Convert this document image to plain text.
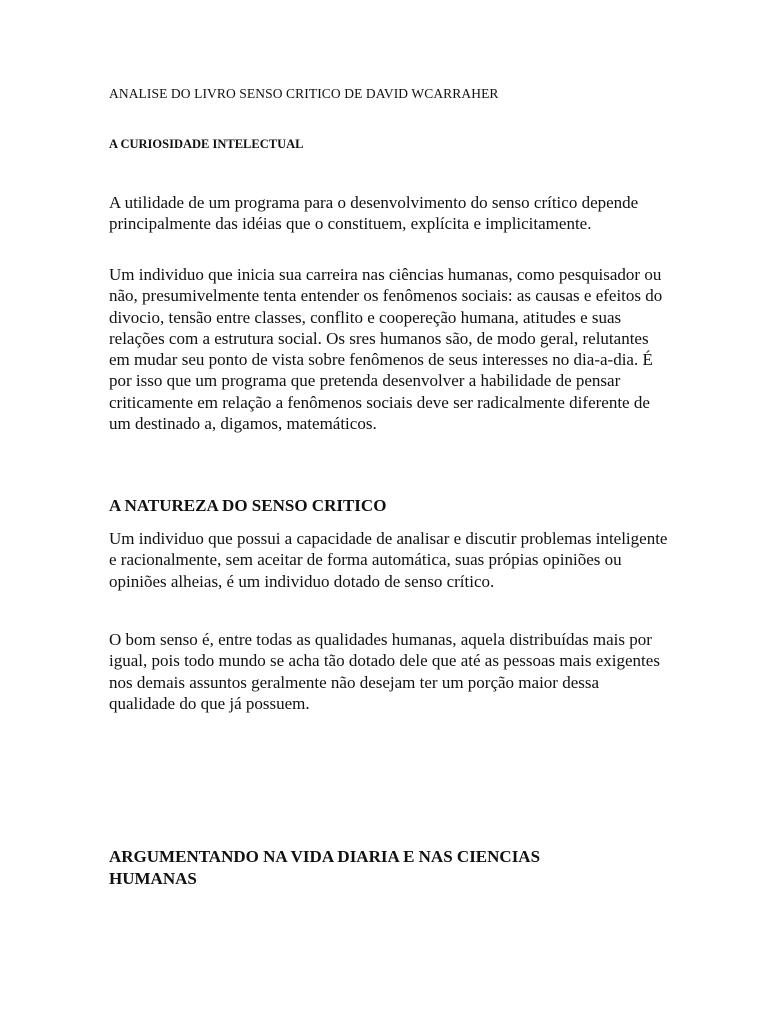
ANALISE DO LIVRO SENSO CRITICO DE DAVID WCARRAHER

A CURIOSIDADE INTELECTUAL

A utilidade de um programa para o desenvolvimento do senso crítico depende principalmente das idéias que o constituem, explícita e implicitamente.

Um individuo que inicia sua carreira nas ciências humanas, como pesquisador ou não, presumivelmente tenta entender os fenômenos sociais: as causas e efeitos do divocio, tensão entre classes, conflito e coopereção humana, atitudes e suas relações com a estrutura social. Os sres humanos são, de modo geral, relutantes em mudar seu ponto de vista sobre fenômenos de seus interesses no dia-a-dia. É por isso que um programa que pretenda desenvolver a habilidade de pensar criticamente em relação a fenômenos sociais deve ser radicalmente diferente de um destinado a, digamos, matemáticos.

A NATUREZA DO SENSO CRITICO

Um individuo que possui a capacidade de analisar e discutir problemas inteligente e racionalmente, sem aceitar de forma automática, suas própias opiniões ou opiniões alheias, é um individuo dotado de senso crítico.

O bom senso é, entre todas as qualidades humanas, aquela distribuídas mais por igual, pois todo mundo se acha tão dotado dele que até as pessoas mais exigentes nos demais assuntos geralmente não desejam ter um porção maior dessa qualidade do que já possuem.

ARGUMENTANDO NA VIDA DIARIA E NAS CIENCIAS HUMANAS
